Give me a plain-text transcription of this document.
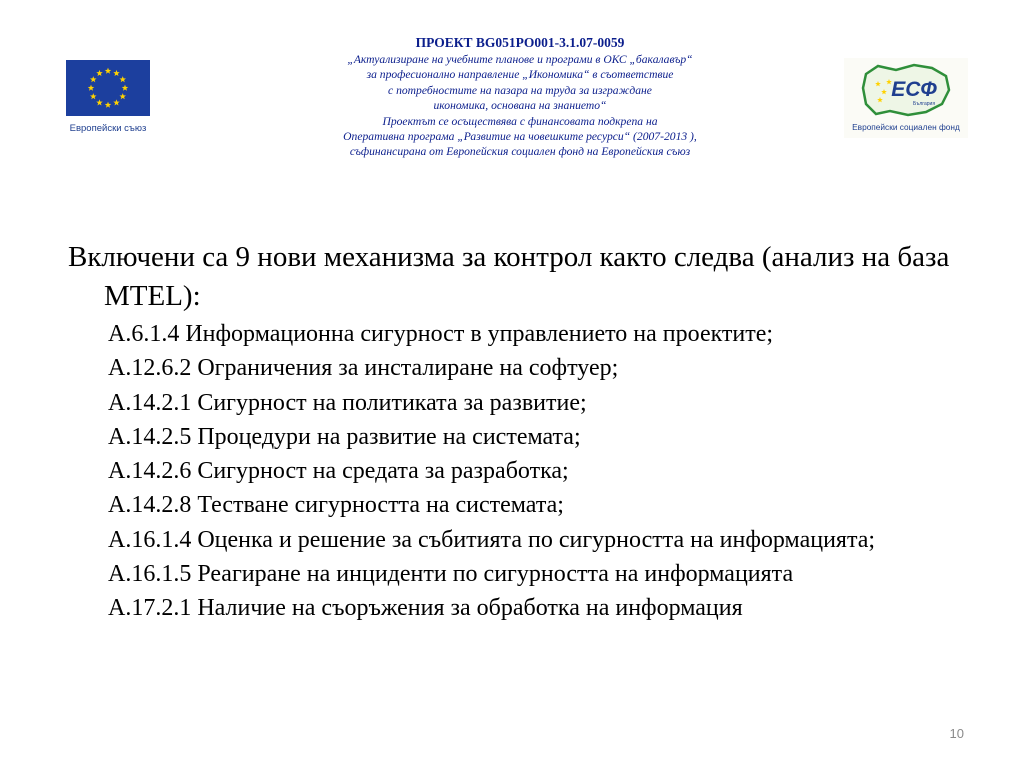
ПРОЕКТ BG051PO001-3.1.07-0059
„Актуализиране на учебните планове и програми в ОКС „бакалавър“
за професионално направление „Икономика“ в съответствие
с потребностите на пазара на труда за изграждане
икономика, основана на знанието“
Проектът се осъществява с финансовата подкрепа на
Оперативна програма „Развитие на човешките ресурси“ (2007-2013 ),
съфинансирана от Европейския социален фонд на Европейския съюз
Европейски съюз
ЕСФ
България
Европейски социален фонд

Включени са 9 нови механизма за контрол както следва (анализ на база MTEL):

A.6.1.4 Информационна сигурност в управлението на проектите;
A.12.6.2 Ограничения за инсталиране на софтуер;
A.14.2.1 Сигурност на политиката за развитие;
A.14.2.5 Процедури на развитие на системата;
A.14.2.6 Сигурност на средата за разработка;
A.14.2.8 Тестване сигурността на системата;
A.16.1.4 Оценка и решение за събитията по сигурността на информацията;
A.16.1.5 Реагиране на инциденти по сигурността на информацията
A.17.2.1 Наличие на съоръжения за обработка на информация
10
